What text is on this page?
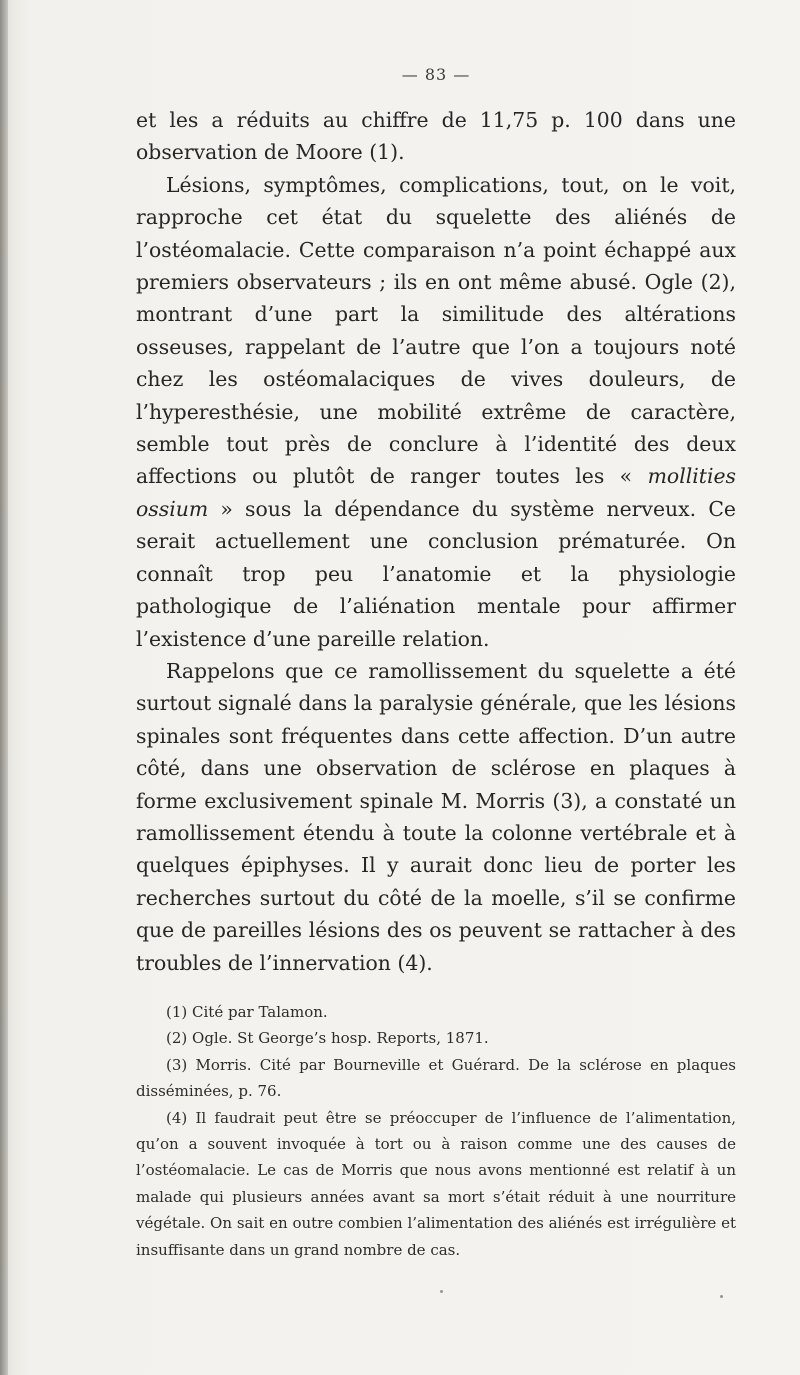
— 83 —

et les a réduits au chiffre de 11,75 p. 100 dans une observation de Moore (1).

Lésions, symptômes, complications, tout, on le voit, rapproche cet état du squelette des aliénés de l’ostéomalacie. Cette comparaison n’a point échappé aux premiers observateurs ; ils en ont même abusé. Ogle (2), montrant d’une part la similitude des altérations osseuses, rappelant de l’autre que l’on a toujours noté chez les ostéomalaciques de vives douleurs, de l’hyperesthésie, une mobilité extrême de caractère, semble tout près de conclure à l’identité des deux affections ou plutôt de ranger toutes les « mollities ossium » sous la dépendance du système nerveux. Ce serait actuellement une conclusion prématurée. On connaît trop peu l’anatomie et la physiologie pathologique de l’aliénation mentale pour affirmer l’existence d’une pareille relation.

Rappelons que ce ramollissement du squelette a été surtout signalé dans la paralysie générale, que les lésions spinales sont fréquentes dans cette affection. D’un autre côté, dans une observation de sclérose en plaques à forme exclusivement spinale M. Morris (3), a constaté un ramollissement étendu à toute la colonne vertébrale et à quelques épiphyses. Il y aurait donc lieu de porter les recherches surtout du côté de la moelle, s’il se confirme que de pareilles lésions des os peuvent se rattacher à des troubles de l’innervation (4).

(1) Cité par Talamon.

(2) Ogle. St George’s hosp. Reports, 1871.

(3) Morris. Cité par Bourneville et Guérard. De la sclérose en plaques disséminées, p. 76.

(4) Il faudrait peut être se préoccuper de l’influence de l’alimentation, qu’on a souvent invoquée à tort ou à raison comme une des causes de l’ostéomalacie. Le cas de Morris que nous avons mentionné est relatif à un malade qui plusieurs années avant sa mort s’était réduit à une nourriture végétale. On sait en outre combien l’alimentation des aliénés est irrégulière et insuffisante dans un grand nombre de cas.
